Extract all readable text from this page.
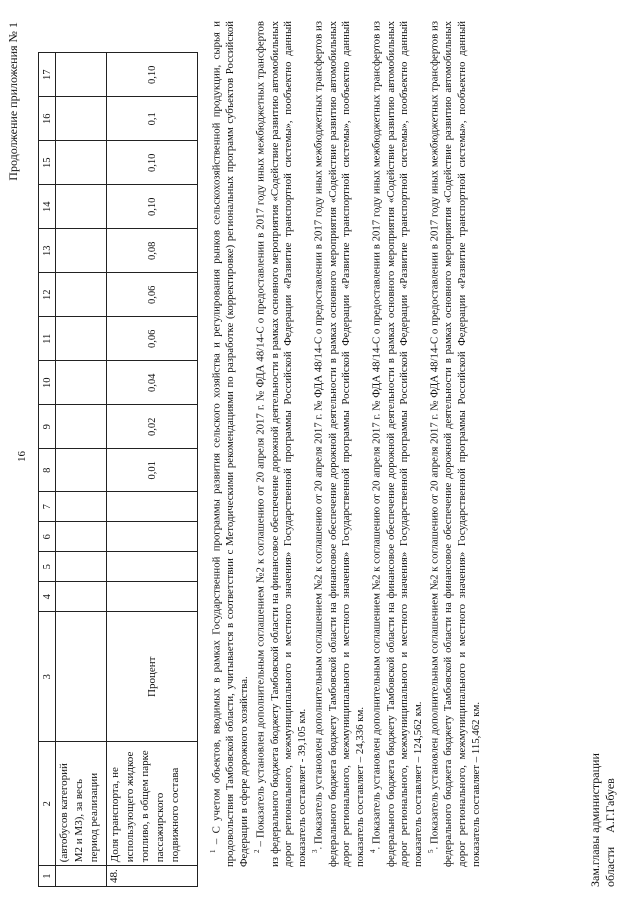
Продолжение приложения № 1
16
1	2	3	4	5	6	7	8	9	10	11	12	13	14	15	16	17
	(автобусов категорий М2 и М3), за весь период реализации															
48.	Доля транспорта, не использующего жидкое топливо, в общем парке пассажирского подвижного состава	Процент					0,01	0,02	0,04	0,06	0,06	0,08	0,10	0,10	0,1	0,10

$^1$ – С учетом объектов, вводимых в рамках Государственной программы развития сельского хозяйства и регулирования рынков сельскохозяйственной продукции, сырья и продовольствия Тамбовской области, учитывается в соответствии с Методическими рекомендациями по разработке (корректировке) региональных программ субъектов Российской Федерации в сфере дорожного хозяйства. $^2$ – Показатель установлен дополнительным соглашением №2 к соглашению от 20 апреля 2017 г. № ФДА 48/14-С о предоставлении в 2017 году иных межбюджетных трансфертов из федерального бюджета бюджету Тамбовской области на финансовое обеспечение дорожной деятельности в рамках основного мероприятия «Содействие развитию автомобильных дорог регионального, межмуниципального и местного значения» Государственной программы Российской Федерации «Развитие транспортной системы», пообъектно данный показатель составляет - 39,105 км. $^3$. Показатель установлен дополнительным соглашением №2 к соглашению от 20 апреля 2017 г. № ФДА 48/14-С о предоставлении в 2017 году иных межбюджетных трансфертов из федерального бюджета бюджету Тамбовской области на финансовое обеспечение дорожной деятельности в рамках основного мероприятия «Содействие развитию автомобильных дорог регионального, межмуниципального и местного значения» Государственной программы Российской Федерации «Развитие транспортной системы», пообъектно данный показатель составляет – 24,336 км. $^4$. Показатель установлен дополнительным соглашением №2 к соглашению от 20 апреля 2017 г. № ФДА 48/14-С о предоставлении в 2017 году иных межбюджетных трансфертов из федерального бюджета бюджету Тамбовской области на финансовое обеспечение дорожной деятельности в рамках основного мероприятия «Содействие развитию автомобильных дорог регионального, межмуниципального и местного значения» Государственной программы Российской Федерации «Развитие транспортной системы», пообъектно данный показатель составляет – 124,562 км. $^5$. Показатель установлен дополнительным соглашением №2 к соглашению от 20 апреля 2017 г. № ФДА 48/14-С о предоставлении в 2017 году иных межбюджетных трансфертов из федерального бюджета бюджету Тамбовской области на финансовое обеспечение дорожной деятельности в рамках основного мероприятия «Содействие развитию автомобильных дорог регионального, межмуниципального и местного значения» Государственной программы Российской Федерации «Развитие транспортной системы», пообъектно данный показатель составляет – 115,462 км.	Зам.главы администрации области
А.Г.Габуев
